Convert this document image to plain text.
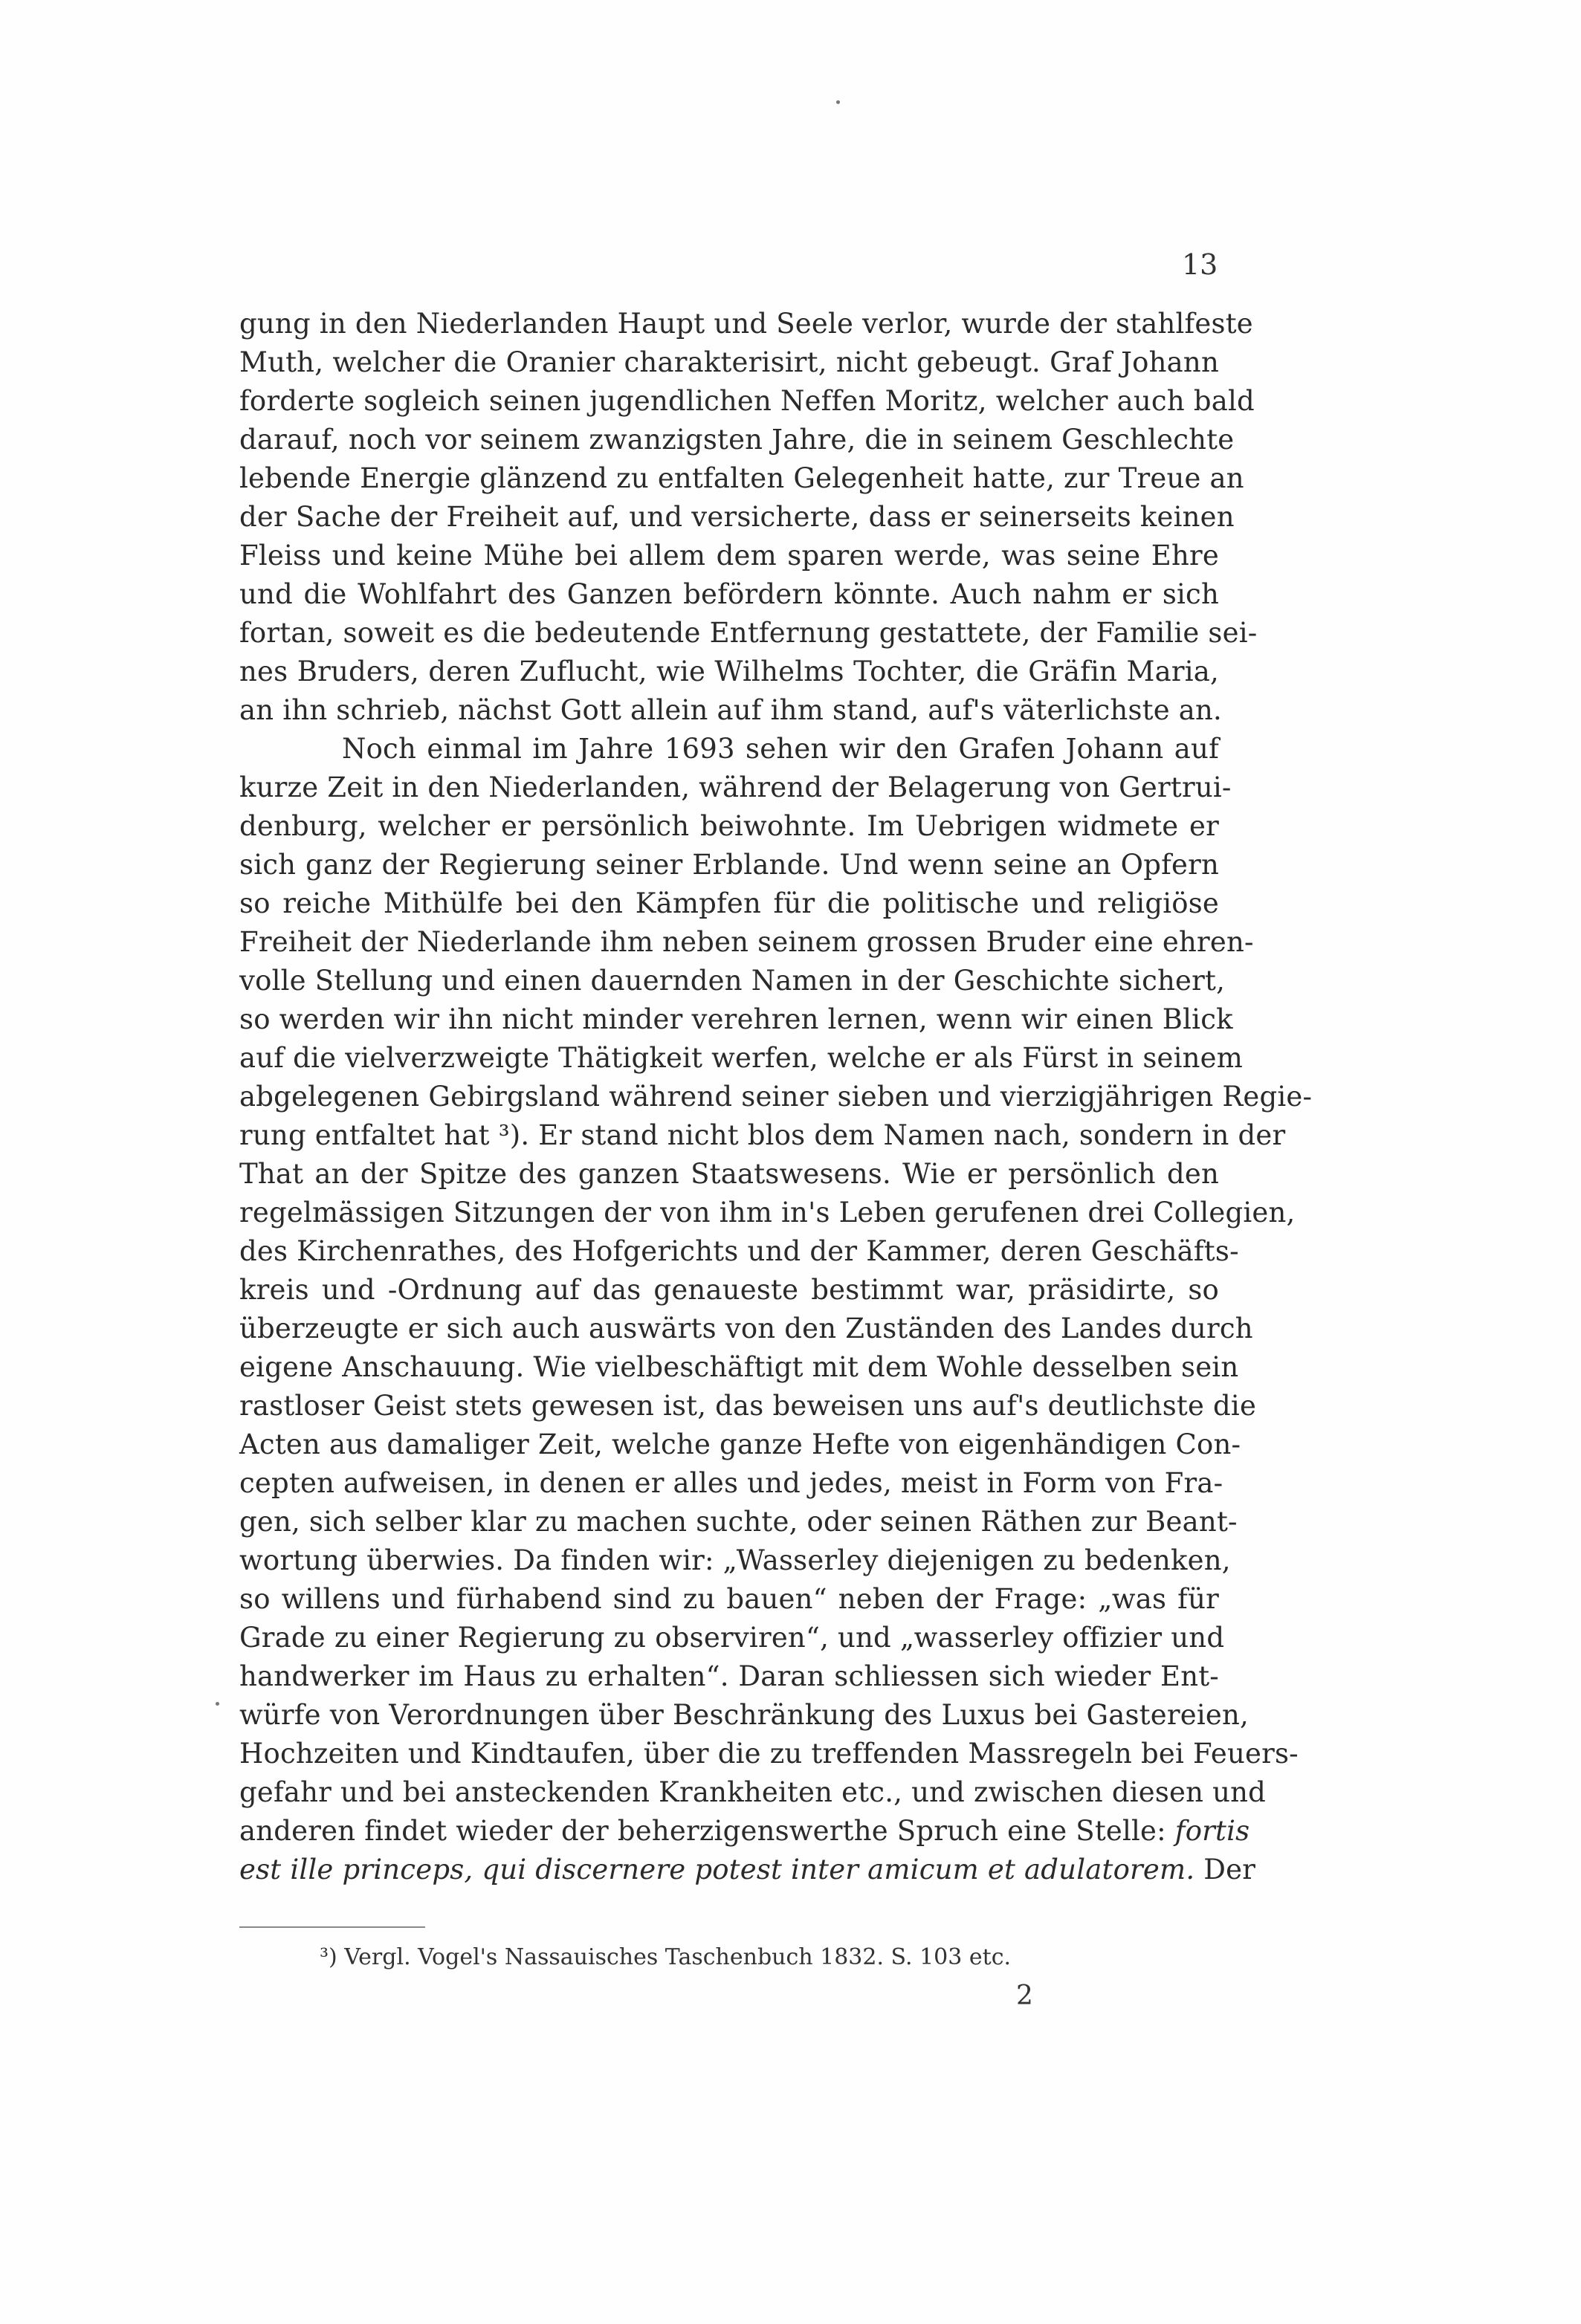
13
gung in den Niederlanden Haupt und Seele verlor, wurde der stahlfeste
Muth, welcher die Oranier charakterisirt, nicht gebeugt. Graf Johann
forderte sogleich seinen jugendlichen Neffen Moritz, welcher auch bald
darauf, noch vor seinem zwanzigsten Jahre, die in seinem Geschlechte
lebende Energie glänzend zu entfalten Gelegenheit hatte, zur Treue an
der Sache der Freiheit auf, und versicherte, dass er seinerseits keinen
Fleiss und keine Mühe bei allem dem sparen werde, was seine Ehre
und die Wohlfahrt des Ganzen befördern könnte. Auch nahm er sich
fortan, soweit es die bedeutende Entfernung gestattete, der Familie sei-
nes Bruders, deren Zuflucht, wie Wilhelms Tochter, die Gräfin Maria,
an ihn schrieb, nächst Gott allein auf ihm stand, auf's väterlichste an.
Noch einmal im Jahre 1693 sehen wir den Grafen Johann auf
kurze Zeit in den Niederlanden, während der Belagerung von Gertrui-
denburg, welcher er persönlich beiwohnte. Im Uebrigen widmete er
sich ganz der Regierung seiner Erblande. Und wenn seine an Opfern
so reiche Mithülfe bei den Kämpfen für die politische und religiöse
Freiheit der Niederlande ihm neben seinem grossen Bruder eine ehren-
volle Stellung und einen dauernden Namen in der Geschichte sichert,
so werden wir ihn nicht minder verehren lernen, wenn wir einen Blick
auf die vielverzweigte Thätigkeit werfen, welche er als Fürst in seinem
abgelegenen Gebirgsland während seiner sieben und vierzigjährigen Regie-
rung entfaltet hat ³). Er stand nicht blos dem Namen nach, sondern in der
That an der Spitze des ganzen Staatswesens. Wie er persönlich den
regelmässigen Sitzungen der von ihm in's Leben gerufenen drei Collegien,
des Kirchenrathes, des Hofgerichts und der Kammer, deren Geschäfts-
kreis und -Ordnung auf das genaueste bestimmt war, präsidirte, so
überzeugte er sich auch auswärts von den Zuständen des Landes durch
eigene Anschauung. Wie vielbeschäftigt mit dem Wohle desselben sein
rastloser Geist stets gewesen ist, das beweisen uns auf's deutlichste die
Acten aus damaliger Zeit, welche ganze Hefte von eigenhändigen Con-
cepten aufweisen, in denen er alles und jedes, meist in Form von Fra-
gen, sich selber klar zu machen suchte, oder seinen Räthen zur Beant-
wortung überwies. Da finden wir: „Wasserley diejenigen zu bedenken,
so willens und fürhabend sind zu bauen“ neben der Frage: „was für
Grade zu einer Regierung zu observiren“, und „wasserley offizier und
handwerker im Haus zu erhalten“. Daran schliessen sich wieder Ent-
würfe von Verordnungen über Beschränkung des Luxus bei Gastereien,
Hochzeiten und Kindtaufen, über die zu treffenden Massregeln bei Feuers-
gefahr und bei ansteckenden Krankheiten etc., und zwischen diesen und
anderen findet wieder der beherzigenswerthe Spruch eine Stelle: fortis
est ille princeps, qui discernere potest inter amicum et adulatorem. Der
³) Vergl. Vogel's Nassauisches Taschenbuch 1832. S. 103 etc.
2
